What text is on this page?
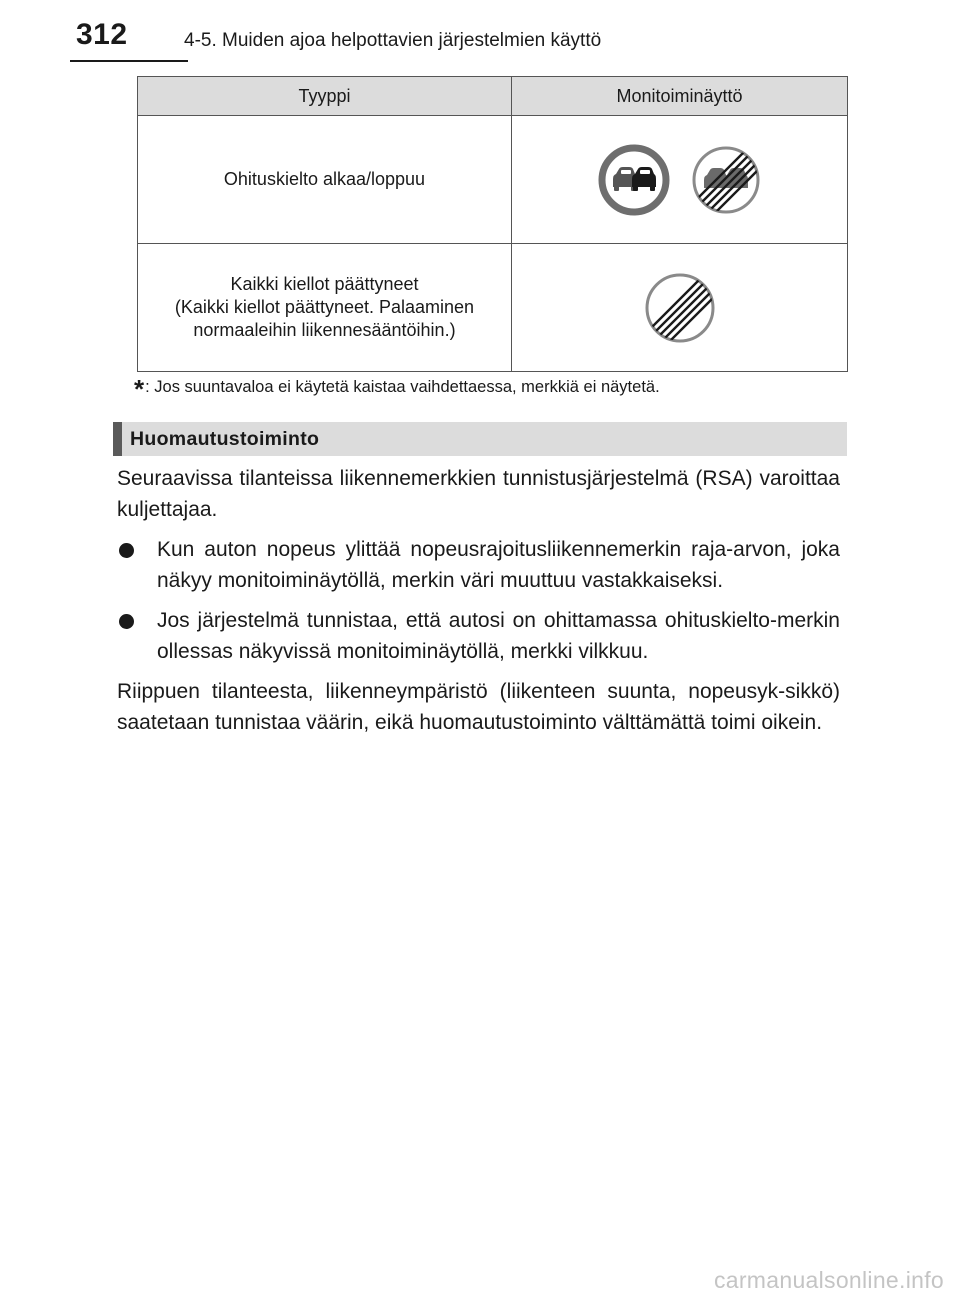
312	4-5. Muiden ajoa helpottavien järjestelmien käyttö
Tyyppi	Monitoiminäyttö
Ohituskielto alkaa/loppuu	

Kaikki kiellot päättyneet
(Kaikki kiellot päättyneet. Palaaminen
normaaleihin liikennesääntöihin.)

*: Jos suuntavaloa ei käytetä kaistaa vaihdettaessa, merkkiä ei näytetä.
Huomautustoiminto

Seuraavissa tilanteissa liikennemerkkien tunnistusjärjestelmä (RSA) varoittaa kuljettajaa.

Kun auton nopeus ylittää nopeusrajoitusliikennemerkin raja-arvon, joka näkyy monitoiminäytöllä, merkin väri muuttuu vastakkaiseksi.
Jos järjestelmä tunnistaa, että autosi on ohittamassa ohituskielto-merkin ollessas näkyvissä monitoiminäytöllä, merkki vilkkuu.

Riippuen tilanteesta, liikenneympäristö (liikenteen suunta, nopeusyk-sikkö) saatetaan tunnistaa väärin, eikä huomautustoiminto välttämättä toimi oikein.

carmanualsonline.info
